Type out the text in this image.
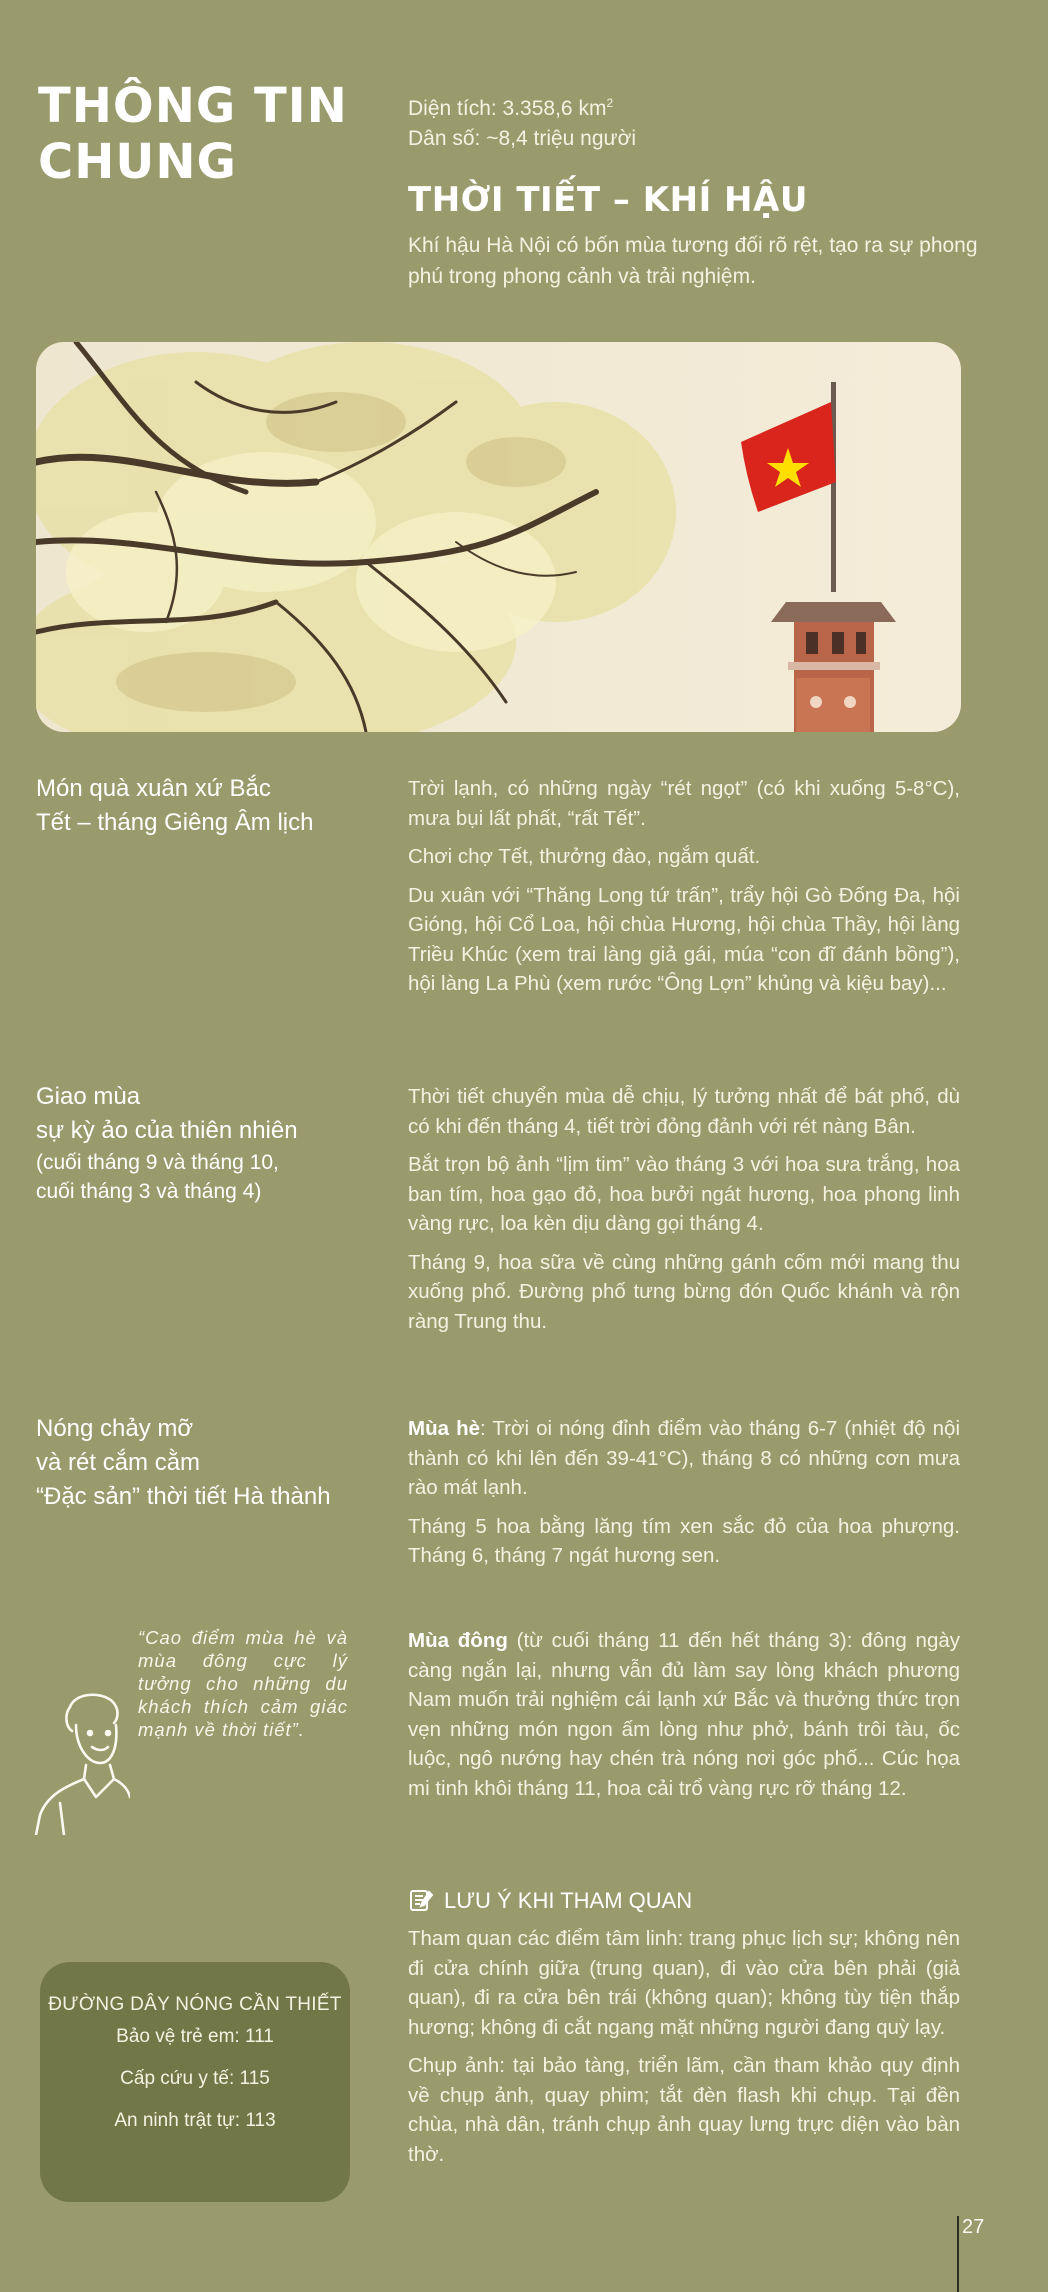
THÔNG TIN
CHUNG
Diện tích: 3.358,6 $km^2$
Dân số: ~8,4 triệu người
THỜI TIẾT – KHÍ HẬU
Khí hậu Hà Nội có bốn mùa tương đối rõ rệt, tạo ra sự phong phú trong phong cảnh và trải nghiệm.
Món quà xuân xứ Bắc
Tết – tháng Giêng Âm lịch

Trời lạnh, có những ngày “rét ngọt” (có khi xuống 5-8°C), mưa bụi lất phất, “rất Tết”.

Chơi chợ Tết, thưởng đào, ngắm quất.

Du xuân với “Thăng Long tứ trấn”, trẩy hội Gò Đống Đa, hội Gióng, hội Cổ Loa, hội chùa Hương, hội chùa Thầy, hội làng Triều Khúc (xem trai làng giả gái, múa “con đĩ đánh bồng”), hội làng La Phù (xem rước “Ông Lợn” khủng và kiệu bay)...

Giao mùa
sự kỳ ảo của thiên nhiên
(cuối tháng 9 và tháng 10,
cuối tháng 3 và tháng 4)

Thời tiết chuyển mùa dễ chịu, lý tưởng nhất để bát phố, dù có khi đến tháng 4, tiết trời đỏng đảnh với rét nàng Bân.

Bắt trọn bộ ảnh “lịm tim” vào tháng 3 với hoa sưa trắng, hoa ban tím, hoa gạo đỏ, hoa bưởi ngát hương, hoa phong linh vàng rực, loa kèn dịu dàng gọi tháng 4.

Tháng 9, hoa sữa về cùng những gánh cốm mới mang thu xuống phố. Đường phố tưng bừng đón Quốc khánh và rộn ràng Trung thu.

Nóng chảy mỡ
và rét cắm cằm
“Đặc sản” thời tiết Hà thành

Mùa hè: Trời oi nóng đỉnh điểm vào tháng 6-7 (nhiệt độ nội thành có khi lên đến 39-41°C), tháng 8 có những cơn mưa rào mát lạnh.

Tháng 5 hoa bằng lăng tím xen sắc đỏ của hoa phượng. Tháng 6, tháng 7 ngát hương sen.

Mùa đông (từ cuối tháng 11 đến hết tháng 3): đông ngày càng ngắn lại, nhưng vẫn đủ làm say lòng khách phương Nam muốn trải nghiệm cái lạnh xứ Bắc và thưởng thức trọn vẹn những món ngon ấm lòng như phở, bánh trôi tàu, ốc luộc, ngô nướng hay chén trà nóng nơi góc phố... Cúc họa mi tinh khôi tháng 11, hoa cải trổ vàng rực rỡ tháng 12.

“Cao điểm mùa hè và mùa đông cực lý tưởng cho những du khách thích cảm giác mạnh về thời tiết”.
LƯU Ý KHI THAM QUAN

Tham quan các điểm tâm linh: trang phục lịch sự; không nên đi cửa chính giữa (trung quan), đi vào cửa bên phải (giả quan), đi ra cửa bên trái (không quan); không tùy tiện thắp hương; không đi cắt ngang mặt những người đang quỳ lạy.

Chụp ảnh: tại bảo tàng, triển lãm, cần tham khảo quy định về chụp ảnh, quay phim; tắt đèn flash khi chụp. Tại đền chùa, nhà dân, tránh chụp ảnh quay lưng trực diện vào bàn thờ.

ĐƯỜNG DÂY NÓNG CẦN THIẾT
Bảo vệ trẻ em: 111
Cấp cứu y tế: 115
An ninh trật tự: 113
27
